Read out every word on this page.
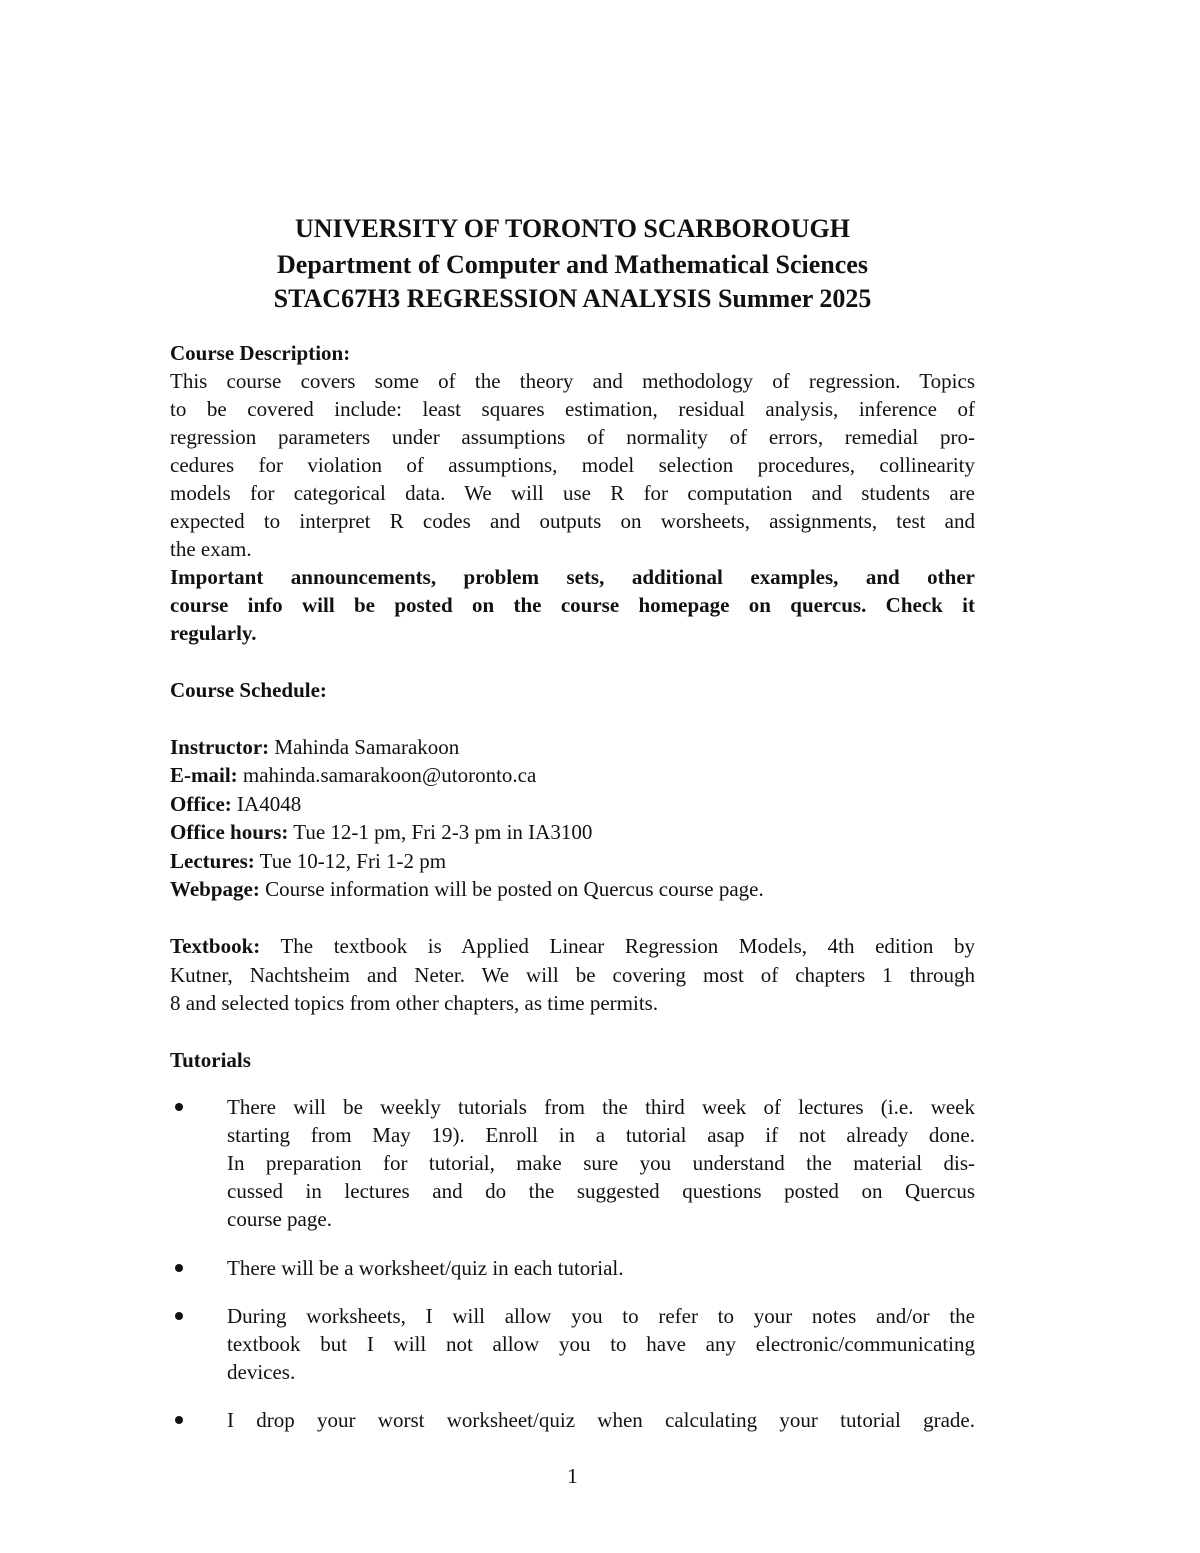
UNIVERSITY OF TORONTO SCARBOROUGH
Department of Computer and Mathematical Sciences
STAC67H3 REGRESSION ANALYSIS Summer 2025
Course Description:
This course covers some of the theory and methodology of regression. Topics
to be covered include: least squares estimation, residual analysis, inference of
regression parameters under assumptions of normality of errors, remedial pro-
cedures for violation of assumptions, model selection procedures, collinearity
models for categorical data. We will use R for computation and students are
expected to interpret R codes and outputs on worsheets, assignments, test and
the exam.
Important announcements, problem sets, additional examples, and other
course info will be posted on the course homepage on quercus. Check it
regularly.
Course Schedule:
Instructor: Mahinda Samarakoon
E-mail: mahinda.samarakoon@utoronto.ca
Office: IA4048
Office hours: Tue 12-1 pm, Fri 2-3 pm in IA3100
Lectures: Tue 10-12, Fri 1-2 pm
Webpage: Course information will be posted on Quercus course page.
Textbook: The textbook is Applied Linear Regression Models, 4th edition by
Kutner, Nachtsheim and Neter. We will be covering most of chapters 1 through
8 and selected topics from other chapters, as time permits.
Tutorials
There will be weekly tutorials from the third week of lectures (i.e. week
starting from May 19). Enroll in a tutorial asap if not already done.
In preparation for tutorial, make sure you understand the material dis-
cussed in lectures and do the suggested questions posted on Quercus
course page.
There will be a worksheet/quiz in each tutorial.
During worksheets, I will allow you to refer to your notes and/or the
textbook but I will not allow you to have any electronic/communicating
devices.
I drop your worst worksheet/quiz when calculating your tutorial grade.
1
